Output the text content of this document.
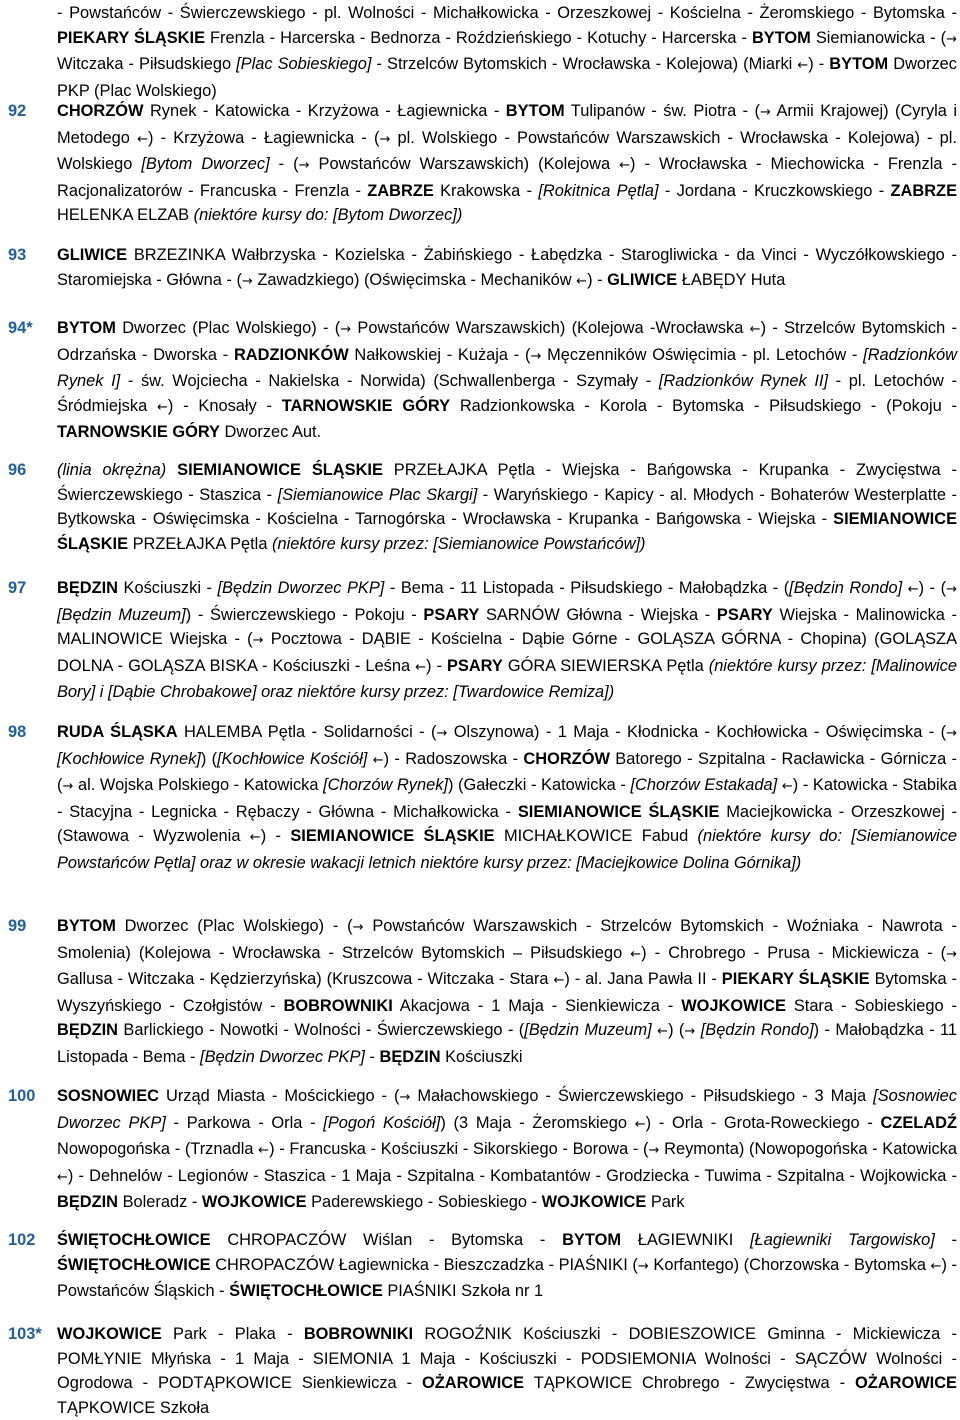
- Powstańców - Świerczewskiego - pl. Wolności - Michałkowicka - Orzeszkowej - Kościelna - Żeromskiego - Bytomska - PIEKARY ŚLĄSKIE Frenzla - Harcerska - Bednorza - Roździeńskiego - Kotuchy - Harcerska - BYTOM Siemianowicka - (→ Witczaka - Piłsudskiego [Plac Sobieskiego] - Strzelców Bytomskich - Wrocławska - Kolejowa) (Miarki ←) - BYTOM Dworzec PKP (Plac Wolskiego)
92 CHORZÓW Rynek - Katowicka - Krzyżowa - Łagiewnicka - BYTOM Tulipanów - św. Piotra - (→ Armii Krajowej) (Cyryla i Metodego ←) - Krzyżowa - Łagiewnicka - (→ pl. Wolskiego - Powstańców Warszawskich - Wrocławska - Kolejowa) - pl. Wolskiego [Bytom Dworzec] - (→ Powstańców Warszawskich) (Kolejowa ←) - Wrocławska - Miechowicka - Frenzla - Racjonalizatorów - Francuska - Frenzla - ZABRZE Krakowska - [Rokitnica Pętla] - Jordana - Kruczkowskiego - ZABRZE HELENKA ELZAB (niektóre kursy do: [Bytom Dworzec])
93 GLIWICE BRZEZINKA Wałbrzyska - Kozielska - Żabińskiego - Łabędzka - Starogliwicka - da Vinci - Wyczółkowskiego - Staromiejska - Główna - (→ Zawadzkiego) (Oświęcimska - Mechaników ←) - GLIWICE ŁABĘDY Huta
94* BYTOM Dworzec (Plac Wolskiego) - (→ Powstańców Warszawskich) (Kolejowa -Wrocławska ←) - Strzelców Bytomskich - Odrzańska - Dworska - RADZIONKÓW Nałkowskiej - Kużaja - (→ Męczenników Oświęcimia - pl. Letochów - [Radzionków Rynek I] - św. Wojciecha - Nakielska - Norwida) (Schwallenberga - Szymały - [Radzionków Rynek II] - pl. Letochów - Śródmiejska ←) - Knosały - TARNOWSKIE GÓRY Radzionkowska - Korola - Bytomska - Piłsudskiego - (Pokoju - TARNOWSKIE GÓRY Dworzec Aut.
96 (linia okrężna) SIEMIANOWICE ŚLĄSKIE PRZEŁAJKA Pętla - Wiejska - Bańgowska - Krupanka - Zwycięstwa - Świerczewskiego - Staszica - [Siemianowice Plac Skargi] - Waryńskiego - Kapicy - al. Młodych - Bohaterów Westerplatte - Bytkowska - Oświęcimska - Kościelna - Tarnogórska - Wrocławska - Krupanka - Bańgowska - Wiejska - SIEMIANOWICE ŚLĄSKIE PRZEŁAJKA Pętla (niektóre kursy przez: [Siemianowice Powstańców])
97 BĘDZIN Kościuszki - [Będzin Dworzec PKP] - Bema - 11 Listopada - Piłsudskiego - Małobądzka - ([Będzin Rondo] ←) - (→ [Będzin Muzeum]) - Świerczewskiego - Pokoju - PSARY SARNÓW Główna - Wiejska - PSARY Wiejska - Malinowicka - MALINOWICE Wiejska - (→ Pocztowa - DĄBIE - Kościelna - Dąbie Górne - GOLĄSZA GÓRNA - Chopina) (GOLĄSZA DOLNA - GOLĄSZA BISKA - Kościuszki - Leśna ←) - PSARY GÓRA SIEWIERSKA Pętla (niektóre kursy przez: [Malinowice Bory] i [Dąbie Chrobakowe] oraz niektóre kursy przez: [Twardowice Remiza])
98 RUDA ŚLĄSKA HALEMBA Pętla - Solidarności - (→ Olszynowa) - 1 Maja - Kłodnicka - Kochłowicka - Oświęcimska - (→ [Kochłowice Rynek]) ([Kochłowice Kościół] ←) - Radoszowska - CHORZÓW Batorego - Szpitalna - Racławicka - Górnicza - (→ al. Wojska Polskiego - Katowicka [Chorzów Rynek]) (Gałeczki - Katowicka - [Chorzów Estakada] ←) - Katowicka - Stabika - Stacyjna - Legnicka - Rębaczy - Główna - Michałkowicka - SIEMIANOWICE ŚLĄSKIE Maciejkowicka - Orzeszkowej - (Stawowa - Wyzwolenia ←) - SIEMIANOWICE ŚLĄSKIE MICHAŁKOWICE Fabud (niektóre kursy do: [Siemianowice Powstańców Pętla] oraz w okresie wakacji letnich niektóre kursy przez: [Maciejkowice Dolina Górnika])
99 BYTOM Dworzec (Plac Wolskiego) - (→ Powstańców Warszawskich - Strzelców Bytomskich - Woźniaka - Nawrota - Smolenia) (Kolejowa - Wrocławska - Strzelców Bytomskich – Piłsudskiego ←) - Chrobrego - Prusa - Mickiewicza - (→ Gallusa - Witczaka - Kędzierzyńska) (Kruszcowa - Witczaka - Stara ←) - al. Jana Pawła II - PIEKARY ŚLĄSKIE Bytomska - Wyszyńskiego - Czołgistów - BOBROWNIKI Akacjowa - 1 Maja - Sienkiewicza - WOJKOWICE Stara - Sobieskiego - BĘDZIN Barlickiego - Nowotki - Wolności - Świerczewskiego - ([Będzin Muzeum] ←) (→ [Będzin Rondo]) - Małobądzka - 11 Listopada - Bema - [Będzin Dworzec PKP] - BĘDZIN Kościuszki
100 SOSNOWIEC Urząd Miasta - Mościckiego - (→ Małachowskiego - Świerczewskiego - Piłsudskiego - 3 Maja [Sosnowiec Dworzec PKP] - Parkowa - Orla - [Pogoń Kościół]) (3 Maja - Żeromskiego ←) - Orla - Grota-Roweckiego - CZELADŹ Nowopogońska - (Trznadla ←) - Francuska - Kościuszki - Sikorskiego - Borowa - (→ Reymonta) (Nowopogońska - Katowicka ←) - Dehnelów - Legionów - Staszica - 1 Maja - Szpitalna - Kombatantów - Grodziecka - Tuwima - Szpitalna - Wojkowicka - BĘDZIN Boleradz - WOJKOWICE Paderewskiego - Sobieskiego - WOJKOWICE Park
102 ŚWIĘTOCHŁOWICE CHROPACZÓW Wiślan - Bytomska - BYTOM ŁAGIEWNIKI [Łagiewniki Targowisko] - ŚWIĘTOCHŁOWICE CHROPACZÓW Łagiewnicka - Bieszczadzka - PIAŚNIKI (→ Korfantego) (Chorzowska - Bytomska ←) - Powstańców Śląskich - ŚWIĘTOCHŁOWICE PIAŚNIKI Szkoła nr 1
103* WOJKOWICE Park - Plaka - BOBROWNIKI ROGOŹNIK Kościuszki - DOBIESZOWICE Gminna - Mickiewicza - POMŁYNIE Młyńska - 1 Maja - SIEMONIA 1 Maja - Kościuszki - PODSIEMONIA Wolności - SĄCZÓW Wolności - Ogrodowa - PODTĄPKOWICE Sienkiewicza - OŻAROWICE TĄPKOWICE Chrobrego - Zwycięstwa - OŻAROWICE TĄPKOWICE Szkoła
